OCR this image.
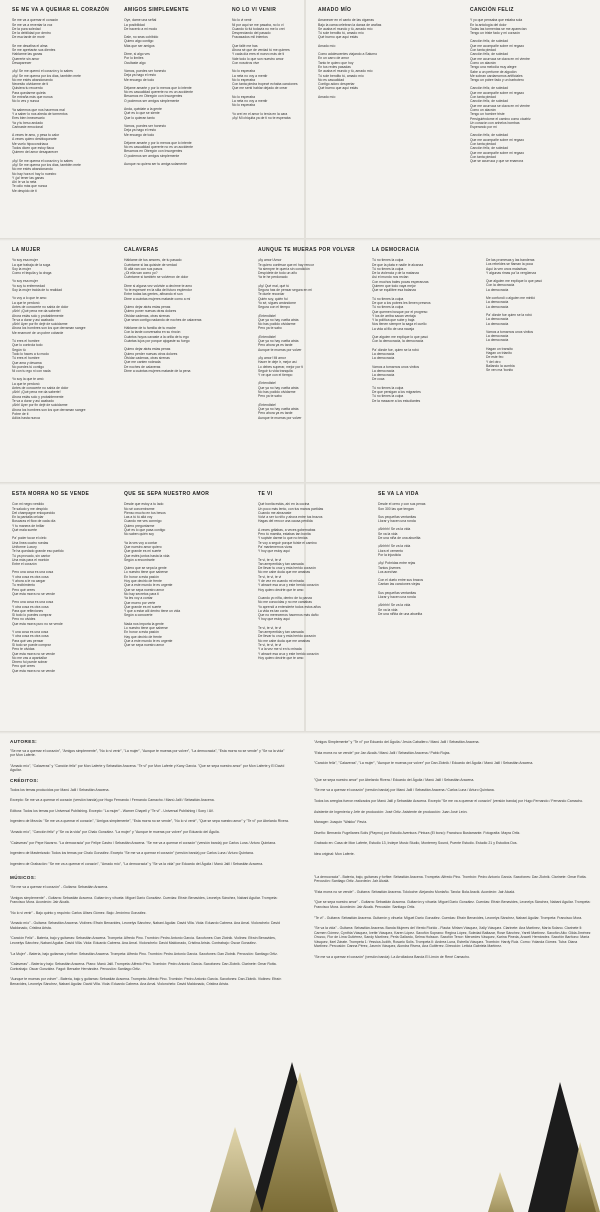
SE ME VA A QUEMAR EL CORAZÓN

Se me va a quemar el corazón
Se me va a reventar la voz
De la pura soledad
De la debilidad por dentro
De esa tarde de morir

Se me desafina el alma
Se me apretarán sus dientes
Hablarme las ganas
Quererte sin amor
Desaparecer

¡Ay! Se me quemó el corazón y lo sabes
¡Ay! Se me quema por los días, también mete
No me estés abandonando
Necesito olvidarme de ti
Quisiera tu recuerdo
Para quedarme quieta
Se extraña más que nunca
No lo ves y nunca

Ya sabemos que nos hacemos mal
Y a saber lo nos alreda de tormentos
Eres bien innecesario
Ya y tu beso andado
Carinaste emocional

A veces te amo, y pesa tu calor
A veces quiero desbloquearte
Me vuelo hipocondríaca
Todos dicen que estoy flaca
Quieren del amor desaparecer

¡Ay! Se me quema el corazón y lo sabes
¡Ay! Se me quema por los días, también mete
No me estés abandonando
No hay hora ni hay lo nuestro
Y ¡ja! tener las ganas
Ahí le va la neta
Te odio más que nunca
Me despido de ti

AMIGOS SIMPLEMENTE

Oye, dame una señal
La posibilidad
De hacerlo a mi modo

Dale, no seas cohibido
Quiero algo contigo
Más que ser amigos

Dime, si algo ves
Por lo limites
Ocultaste algo

Vamos, puedes ser honesto
Deja ya hago el resto
Me encargo de todo

Déjame amarte y por lo menos que lo intente
No es casualidad quererte no es un accidente
Besarnos en Obregón con Insurgentes
O podemos ser amigos simplemente

Anda, quédate a la gente
Qué es lo que se siente
Que lo quieran tanto

Vamos, puedes ser honesto
Deja ya hago el resto
Me encargo de todo

Déjame amarte y por lo menos que lo intente
No es casualidad quererte no es un accidente
Besarnos en Obregón con Insurgentes
O podemos ser amigos simplemente

Aunque no quiera ser tu amiga solamente

NO LO VI VENIR

No lo vi venir
Ni por aquí se me pasaba, no lo vi
Cuando tú fui todavía no me lo creí
Despreciando del pasado
Fracasados mil intentos

Que fallé me has
Ahora sé que de verdad tú me quieres
Y cada día eres el nuevo más de ti
Vale todo lo que son nuestro amor
Con nosotros vive

No lo esperaba
La neta no voy a mentir
No lo esperaba
Con tanta piedra tropecé echaba canciones
Que me sentí hablar dejado de crear

No lo esperaba
La neta no voy a mentir
No lo esperaba

Yo creí en el amor lo tenía en la cara
¡Ay! Mi chiquita ya de ti no te esperaba

AMADO MÍO

Amanecer en el canto de las cigarras
Bajo la cama celebran la danza de arañas
Se acaba el mundo y tú, amado mío
Tú sole bendito tú, amado mío
Qué bueno que aquí estás

Amado mío

Como adolescentes viajando a Saturno
En un carro de amor
Tanto te quiero que hoy
En tus redes pasadas
Se acaba el mundo y tú, amado mío
Tú sole bendito tú, amado mío
No es casualidad
Contigo adoro despertar
Qué bueno que aquí estás

Amado mío

CANCIÓN FELIZ

Y yo que pensaba que estaba sola
En la antología del dolor
Todas las tormentas se me aparecían
Tengo un triste fado y mi corazón

Canción feliz, de soledad
Que me acompañe sobre mi regazo
Con tanta piedad
Canción feliz, de soledad
Que me acurruca se clava en mi vientre
Como un alacrán
Tengo una melodía muy alegre
Sabe a un perfume de algodón
Me sobran cardamomos artificiales
Tengo un pobre fado y un barbotero

Canción feliz, de soledad
Que me acompañe sobre mi regazo
Con tanta piedad
Canción feliz, de soledad
Que me acurruca se clava en mi vientre
Como un alacrán
Tengo un hombre triste
Persiguiéndome el camino como cicatriz
Un corazón con anhelos bombas
Esperando por mí

Canción feliz, de soledad
Que me acompañe sobre mi regazo
Con tanta piedad
Canción feliz, de soledad
Que me acompañe sobre mi regazo
Con tanta piedad
Que se acurruca y que se enamora

LA MUJER

Yo soy esa mujer
La que trabaja de la soga
Soy la mujer
Como el tequila y la droga

Yo soy esa mujer
Yo soy tu enfermedad
Soy la mujer traída de tu realidad

Yo voy a lo que te amo
La que te perdonó
Antes de conocerte no sabía de dolor
¡Ahh! ¡Qué pena me da saberte!
Ahora estás solo y probablemente
Te va a durar y así acabado
¡Ahh! Ayer por fin dejé de suicidarme
Ahora los hombres son los que derraman sangre
Me enamoré de un pobre cobarde

Tú eres el hombre
Que lo controla todo
Según tú
Todo lo haces a tu modo
Tú eres el hombre
Que ama y desama
No puedes tú contigo
Ni con tu ego ni con nada

Yo soy la que te amó
La que te perdonó
Antes de conocerte no sabía de dolor
¡Ahh! ¡Qué pena me da saberte!
Ahora estás solo y probablemente
Te va a durar y así acabado
¡Ahh! Ayer por fin dejé de suicidarme
Ahora los hombres son los que derraman sangre
Pobre de ti
Adiós hasta nunca

CALAVERAS

Háblame de tus amores, de tu pasado
Cuéntame si las quisiste de verdad
Si allá van con sus pasos
¿Di ella van como yo?
Cuéntame si también se volvieron de dolor

Dime si alguna vez volviste a decirme te amo
Yo te esperaré en la silla del futuro esplendor
Entre todas las gentes, afinando el son
Dime a cuántas mujeres mataste como a mí

Quiero dejar atrás estas penas
Quiero poner nuevas otras dolores
Olvidar cadenas, otras sirenas
Que sean contigo nadando de noches de calaveras

Háblame de tu familia de tu madre
Con la tarde conversaba en su rincón
Cuántos hoyos cavaste a la orilla de tu ego
Cuántas lujos por porque ajogaste su fuego

Quiero dejar atrás estas penas
Quiero perder nuevas otros dolores
Olvidar cadenas, otras sirenas
Que me canten rodeada
De noches de calaveras
Dime a cuántas mujeres mataste de la pena

AUNQUE TE MUERAS POR VOLVER

¡Ay amor! Amor
Te quiero confesar que mi hay rencor
Ya siempre te quería sin condición
Despídete de todo un año
Ya te he perdonado

¡Ay! Qué mal, qué tú
Segura has de pensar segura en mi
Te duele recordar
Quién soy, quién fui
Yo sé, sigues amándome
Segura con el tiempo

¡Entendiste!
Que ya no hay vuelta atrás
No has podido olvidarme
Pero ya te sabo

¡Entendiste!
Que ya no hay vuelta atrás
Pero ahora ya es tarde
Aunque te mueras por volver

¡Ay amor! Mi amor
Hacer te deje ir, mejor así
Lo debes superar, mejor por ti
Seguir tu vida tranquila
Y ve que con el tiempo

¡Entendiste!
Que ya no hay vuelta atrás
No has podido olvidarme
Pero ya te sabo

¡Entendiste!
Que ya no hay vuelta atrás
Pero ahora ya es tarde
Aunque te mueras por volver

LA DEMOCRACIA

Tú no tienes la culpa
De que la plata e nadie le alcanza
Tú no tienes la culpa
De la violencia y de la matanza
Así el mundo nos reclan
Con muchos bales pocas esperanzas
Quieren que todo vaya mejor
Que se equilibre esa balanza

Tú no tienes la culpa
De que a los pobres les llenen preseos
Tú no tienes la culpa
Que quemen bosque por el progreso
Y los de arriba sacan ventaja
Y la política que sube y baja
Nos tienen siempre la saga el cuello
La vida al filo de una navaja

Que alguien me explique lo que pasó
Con la democracia, la democracia

Pa' dónde fue, quien se la robó
La democracia
La democracia

Vamos a tomarnos unos vinitos
La democracia
La democracia
De coca

Tú no tienes la culpa
De que persigan a los migrantes
Tú no tienes la culpa
De la masacre a los estudiantes

De las promesas y las banderas
Los rebeldes se flaman la poca
Aquí la ven unos maladvas
Y algunas rimas pa' la vergüenza

Que alguien me explique lo que pasó
Con la democracia
La democracia

Me confundí o alguien me mintió
La democracia
La democracia

Pa' dónde fue quien se la robó
La democracia
La democracia

Vamos a tomarnos unos vinitos
La democracia
La democracia

Hagan un transito
Hagan un trianito
De este feo
Y del otro
Bailando la cumbia
Se ven ma 'bonito

ESTA MORRA NO SE VENDE

Con mi negro vestido
Te saludo y me despido
Del champagne enloquecido
En la pantalla celular
Boscaras el flow de cada día
Y tu manera de brillar
Qué mala suerte

Pa' poder tocar el cielo
Una línea cuatro ruedas
Uniforme Luxury
Te ha quedado grande eso partido
Tú ya provado, sin cantor
Una más para el montón
Entre el corazón

Pero una cosa es una cosa
Y otra cosa es otra cosa
Y ahora a le va cargar
Tu recibimiento
Pero qué crees
Que esta morra no se vende

Pero una cosa es una cosa
Y otra cosa es otra cosa
Para que reflexiones
Si todo lo puedes comprar
Pero no olvides
Que esta morra puro no se vende

Y una cosa es una cosa
Y otra cosa es otra cosa
Para qué vas pensar
Si todo se puede comprar
Pero te olvidas
Que esta morra no se vende
No me vas a apantallar
Dinero fui puede sobrar
Pero qué crees
Que esta morra no se vende

QUE SE SEPA NUESTRO AMOR

Desde que estoy a tu lado
No sé concentrarme
Pienso mucho en tus besos
Las a tú tú allá voy
Cuando me ves conmigo
Quiero preguntarme
Qué es lo que pasa contigo
No saben quién soy

Ya la ves voy a contar
Que nuestro amor quiero
Que grande es mi suerte
Que estés juntos hasta la vida
Según a encontrarte

Quiero que se sepa la gente
Lo nuestro tiene que saberse
En honor a esta pasión
Hoy que decirlo de frente
Que a este mundo le es urgente
Que se sepa nuestro amor
No hay secretos para ti
Ya les voy a contar
Que muero por verte
Que grande es mi suerte
Y que a estar allí dentro tiene un vida
Según a conocerte

Nada nos importa la gente
Lo nuestro tiene que saberse
En honor a esta pasión
Hay que decirlo de frente
Que a este mundo le es urgente
Que se sepa nuestro amor

TE VI

Qué bonita estás, ahí en la cocina
Un poco más lento, con tus manos partidas
Cuando me abrazaste
Volví a ser tu niño y ahora entre tus brazos
Hagas del rencor una causa perdida

A veces gritabas, a veces gobernabas
Pero tú mamita, estabas tan bonita
Y supiste darme lo que no tenías
Te voy a seguir porque fuiste el camino
Pa' mantenernos vivas
Y hoy que estoy aquí

Te vi, te vi, te vi
Tan arrepentida y tan cansada
De llevar tu cruz y esta herido corazón
No me cabe duda que me amabas
Te vi, te vi, te vi
Y de vez en cuando mi mirada
Y abrazé esa cruz y este herido corazón
Hoy quiero decirte que te amo

Cuando yo niña, dentro de tu panza
No me conocidas y no me cantabas
Yo aprendí a entenderte todos estos años
La vida es tan corta
Que no merecemos hacernos más daño
Y hoy que estoy aquí

Te vi, te vi, te vi
Tan arrepentida y tan cansada
De llevar tu cruz y esta herido corazón
No me cabe duda que me amabas
Te vi, te vi, te vi
Y a la vez me vi en tu mirada
Y abrazé esa cruz y este herido corazón
Hoy quiero decirte que te amo

SE VA LA VIDA

Desde el cerro y con sus penas
Son 300 las que tengan

Sus pequeñas ventanitas
Llorar y hacen una ronda

¡Ahhhh! Se va la vida
Se va la vida
De una niña de una abuelita

¡Ahhhh! Se va la vida
Llora el cemento
Por la injusticia

¡Ay! Pobridas entre rejas
Tantos jóvenes
Los acechan

Con el duelo entre sus brazos
Cantan las canciones viejas

Sus pequeñas ventanitas
Llorar y hacen una ronda

¡Ahhhh! Se va la vida
Se va la vida
De una niñita de una abuelita

AUTORES:

"Se me va a quemar el corazón", "Amigos simplemente", "No lo vi venir", "La mujer", "Aunque te mueras por volver", "La democracia", "Esta morra no se vende" y "Se va la vida" por Mon Laferte.

"Amado mío", "Calaveras" y "Canción feliz" por Mon Laferte y Sebastián Aracena. "Te vi" por Mon Laferte y Kany García. "Que se sepa nuestro amor" por Mon Laferte y El David Aguilar.

CRÉDITOS:

Todos los temas producidos por Manú Jalil / Sebastián Aracena.

Excepto: Se me va a quemar el corazón (versión banda) por Hugo Fernando / Fernando Camacho / Manú Jalil / Sebastián Aracena.

Editora: Todos los temas por Universal Publishing. Excepto: "La mujer" - Warner Chapell y "Te vi" - Universal Publishing / Sony / AV.

Ingeniero de Mezcla: "Se me va a quemar el corazón", "Amigos simplemente", "Esta morra no se vende", "No lo vi venir", "Que se sepa nuestro amor" y "Te vi" por Abelardo Rivera.

"Amado mío", "Canción feliz" y "Se va la vida" por Chalo González. "La mujer" y "Aunque te mueras por volver" por Eduardo del Águila.

"Calaveras" por Pepe Navarro. "La democracia" por Felipe Castro / Sebastián Aracena. "Se me va a quemar el corazón" (versión banda) por Carlos Luna / Arturo Quintana.

Ingeniero de Masterizado: Todos los temas por Chalo González. Excepto "Se me va a quemar el corazón" (versión banda) por Carlos Luna / Arturo Quintana.

Ingeniero de Grabación: "Se me va a quemar el corazón", "Amado mío", "La democracia" y "Se va la vida" por Eduardo del Águila / Manú Jalil / Sebastián Aracena.

MÚSICOS:

"Se me va a quemar el corazón" - Guitarra: Sebastián Aracena.

"Amigos simplemente" - Guitarra: Sebastián Aracena. Guitarrón y vihuela: Miguel Darío González. Cuerdas: Efraín Benavides, Leonelys Sánchez, Nabani Aguilar. Trompeta: Francisco Mora. Acordeón: Jair Alcalá.

"No lo vi venir" - Bajo quinto y requinto: Carlos Ulises Gómez. Bajo: Jerónimo González.

"Amado mío" - Guitarra: Sebastián Aracena. Violines: Efraín Benavides, Leonelys Sánchez, Nabani Aguilar. David Villa. Viola: Eduardo Cabrera. Ana Arnal. Violonchelo: David Maldonado, Cristina Arista.

"Canción Feliz" - Batería, bajo y guitarras: Sebastián Aracena. Trompeta: Alfredo Pino. Trombón: Pedro Antonio García. Saxofones: Dan Zlotnik. Violines: Efraín Benavides, Leonelys Sánchez, Nabani Aguilar. David Villa. Viola: Eduardo Cabrera. Ana Arnal. Violonchelo: David Maldonado, Cristina Arista. Contrabajo: Oscar González.

"La Mujer" - Batería, bajo guitarras y forftxe: Sebastián Aracena. Trompeta: Alfredo Pino. Trombón: Pedro Antonio García. Saxofones: Dan Zlotnik. Percusión: Santiago Ortiz.

"Calaveras" - Batería y bajo: Sebastián Aracena. Piano: Manú Jalil. Trompeta: Alfredo Pino. Trombón: Pedro Antonio García. Saxofones: Dan Zlotnik. Clarinete: Omar Rotta. Contrabajo: Oscar González. Fagot: Bersabe Hernández. Percusión: Santiago Ortiz.

"Aunque te mueras por volver" - Batería, bajo y guitarras: Sebastián Aracena. Trompeta: Alfredo Pino. Trombón: Pedro Antonio García. Saxofones: Dan Zlotnik. Violines: Efraín Benavides, Leonelys Sánchez, Nabani Aguilar. David Villa. Viola: Eduardo Cabrera. Ana Arnal. Violonchelo: David Maldonado, Cristina Arista.

"Amigos Simplemente" y "Te vi" por Eduardo del Águila / Jesús Caballero / Manú Jalil / Sebastián Aracena.

"Esta morra no se vende" por Jan Alcalá / Manú Jalil / Sebastián Aracena / Pablo Rojas.

"Canción feliz", "Calaveras", "La mujer", "Aunque te mueras por volver" por Dan Zlotnik / Eduardo del Águila / Manú Jalil / Sebastián Aracena.

"Que se sepa nuestro amor" por Abelardo Rivera / Eduardo del Águila / Manú Jalil / Sebastián Aracena.

"Se me va a quemar el corazón" (versión banda) por Manú Jalil / Sebastián Aracena / Carlos Luna / Arturo Quintana.

Todos los arreglos fueron realizados por Manú Jalil y Sebastián Aracena. Excepto "Se me va a quemar el corazón" (versión banda) por Hugo Fernando / Fernando Camacho.

Asistente de Ingeniería y Jefe de producción: José Ortiz. Asistente de producción: Juan José León.

Manager: Joaquín "Wakko" Pavía.

Diseño: Bernardo Fugellanes Solís (Playmo) por Estudio Aventura. Pintura (El bono): Francisco Bustamante. Fotografía: Mayra Ortiz.

Grabado en: Casa de Mon Laferte, Estudio 13, Indepe Music Studio, Monterrey Sound, Puente Estudio. Estudio 21 y Estudios Dos.

Idea original: Mon Laferte.

"La democracia" - Batería, bajo, guitarras y forftxe: Sebastián Aracena. Trompeta: Alfredo Pino. Trombón: Pedro Antonio García. Saxofones: Dan Zlotnik. Clarinete: Omar Rotta. Percusión: Santiago Ortiz. Acordeón: Jair Alcalá.

"Esta morra no se vende" - Guitarra: Sebastián Aracena. Tololoche: Alejandro Montaño. Tarola: Bola Aracik. Acordeón: Jair Alcalá.

"Que se sepa nuestro amor" - Guitarra: Sebastián Aracena. Guitarrón y vihuela: Miguel Darío González. Cuerdas: Efraín Benavides, Leonelys Sánchez, Nabani Aguilar. Trompeta: Francisco Mora. Acordeón: Jair Alcalá. Percusión: Santiago Ortiz.

"Te vi" - Guitarra: Sebastián Aracena. Guitarrón y vihuela: Miguel Darío González. Cuerdas: Efraín Benavides, Leonelys Sánchez, Nabani Aguilar. Trompeta: Francisco Mora.

"Se va la vida" - Guitarra: Sebastián Aracena. Banda Mujeres del Viento Florido - Flauta: Miriam Vásquez, Xally Vásquez. Clarinete: Ana Martínez, María Solano. Clarinete II: Carmen Gómez, Cynthia Vásquez, Ivette Vásquez, Karen López. Saxofón Soprano: Regina López, Soledad Baltazar, Rose Sánchez, Yareli Martínez. Saxofón Alto: Gilda Jiménez Orozco, Flor de Lima Gutiérrez, Sandy Martínez, Perla Gallardo, Selma Holsson. Saxofón Tenor: Mercedes Vásquez, Karina Pineda, Aracelí Hernández. Saxofón Barítono: María Vásquez, Itzel Zárate. Trompeta 1: Yessica Judith, Rosario Solís. Trompeta II: Andrea Luna, Estrella Vásquez. Trombón: Hardy Ruiz. Corno: Yolanda Gómez. Tuba: Diana Martínez. Percusión: Danna Pérez, Jasmín Vásquez, Alondra Rivera, Ana Gutiérrez. Dirección: Leticia Gabriela Martínez.

"Se me va a quemar el corazón" (versión banda): La Arrolladora Banda El Limón de René Camacho.
